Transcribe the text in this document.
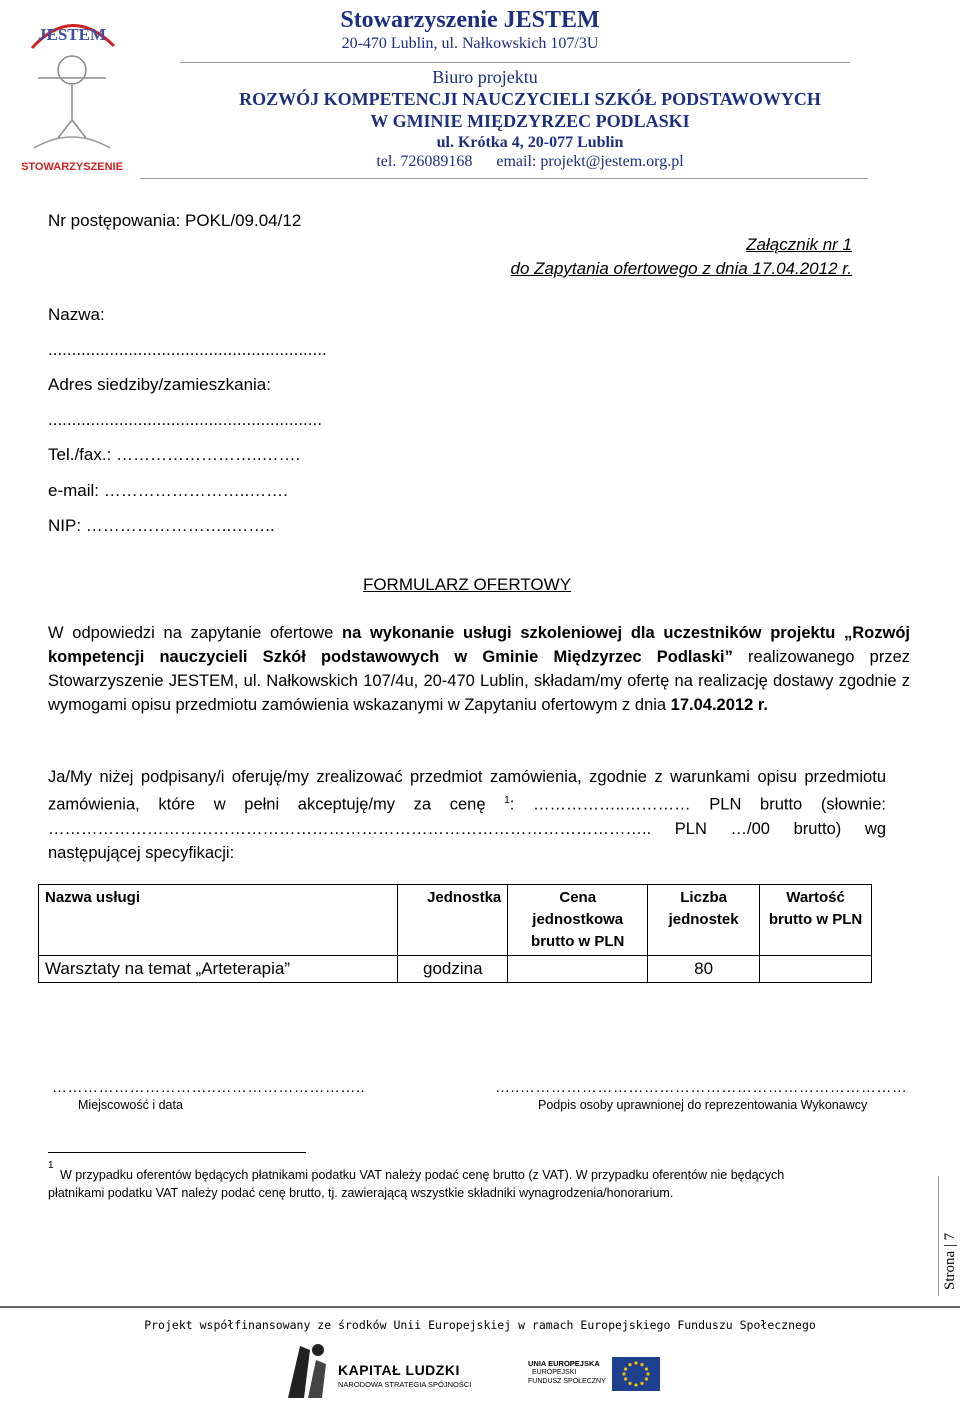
JESTEM
STOWARZYSZENIE
Stowarzyszenie JESTEM
20-470 Lublin, ul. Nałkowskich 107/3U
Biuro projektu
ROZWÓJ KOMPETENCJI NAUCZYCIELI SZKÓŁ PODSTAWOWYCH
W GMINIE MIĘDZYRZEC PODLASKI
ul. Krótka 4, 20-077 Lublin
tel. 726089168      email: projekt@jestem.org.pl
Nr postępowania: POKL/09.04/12
Załącznik nr 1
do Zapytania ofertowego z dnia 17.04.2012 r.
Nazwa:
...........................................................
Adres siedziby/zamieszkania:
..........................................................
Tel./fax.: ……………………..…….
e-mail: ……………………..…….
NIP: ……………………..……..
FORMULARZ OFERTOWY
W odpowiedzi na zapytanie ofertowe na wykonanie usługi szkoleniowej dla uczestników projektu „Rozwój kompetencji nauczycieli Szkół podstawowych w Gminie Międzyrzec Podlaski” realizowanego przez Stowarzyszenie JESTEM, ul. Nałkowskich 107/4u, 20-470 Lublin, składam/my ofertę na realizację dostawy zgodnie z wymogami opisu przedmiotu zamówienia wskazanymi w Zapytaniu ofertowym z dnia 17.04.2012 r.
Ja/My niżej podpisany/i oferuję/my zrealizować przedmiot zamówienia, zgodnie z warunkami opisu przedmiotu zamówienia, które w pełni akceptuję/my za cenę $^1$: ……………..………… PLN brutto (słownie: ……………………………………………………………………………………………….. PLN …/00 brutto) wg następującej specyfikacji:
Nazwa usługi	Jednostka	Cena jednostkowa brutto w PLN	Liczba jednostek	Wartość brutto w PLN
Warsztaty na temat „Arteterapia”	godzina		80	
…………………………..………………………..
Miejscowość i data
…..…………………………………………………………………
Podpis osoby uprawnionej do reprezentowania Wykonawcy
1
W przypadku oferentów będących płatnikami podatku VAT należy podać cenę brutto (z VAT). W przypadku oferentów nie będących
płatnikami podatku VAT należy podać cenę brutto, tj. zawierającą wszystkie składniki wynagrodzenia/honorarium.
Strona | 7
Projekt współfinansowany ze środków Unii Europejskiej w ramach Europejskiego Funduszu Społecznego
KAPITAŁ LUDZKI
NARODOWA STRATEGIA SPÓJNOŚCI
UNIA EUROPEJSKA
EUROPEJSKI
FUNDUSZ SPOŁECZNY
